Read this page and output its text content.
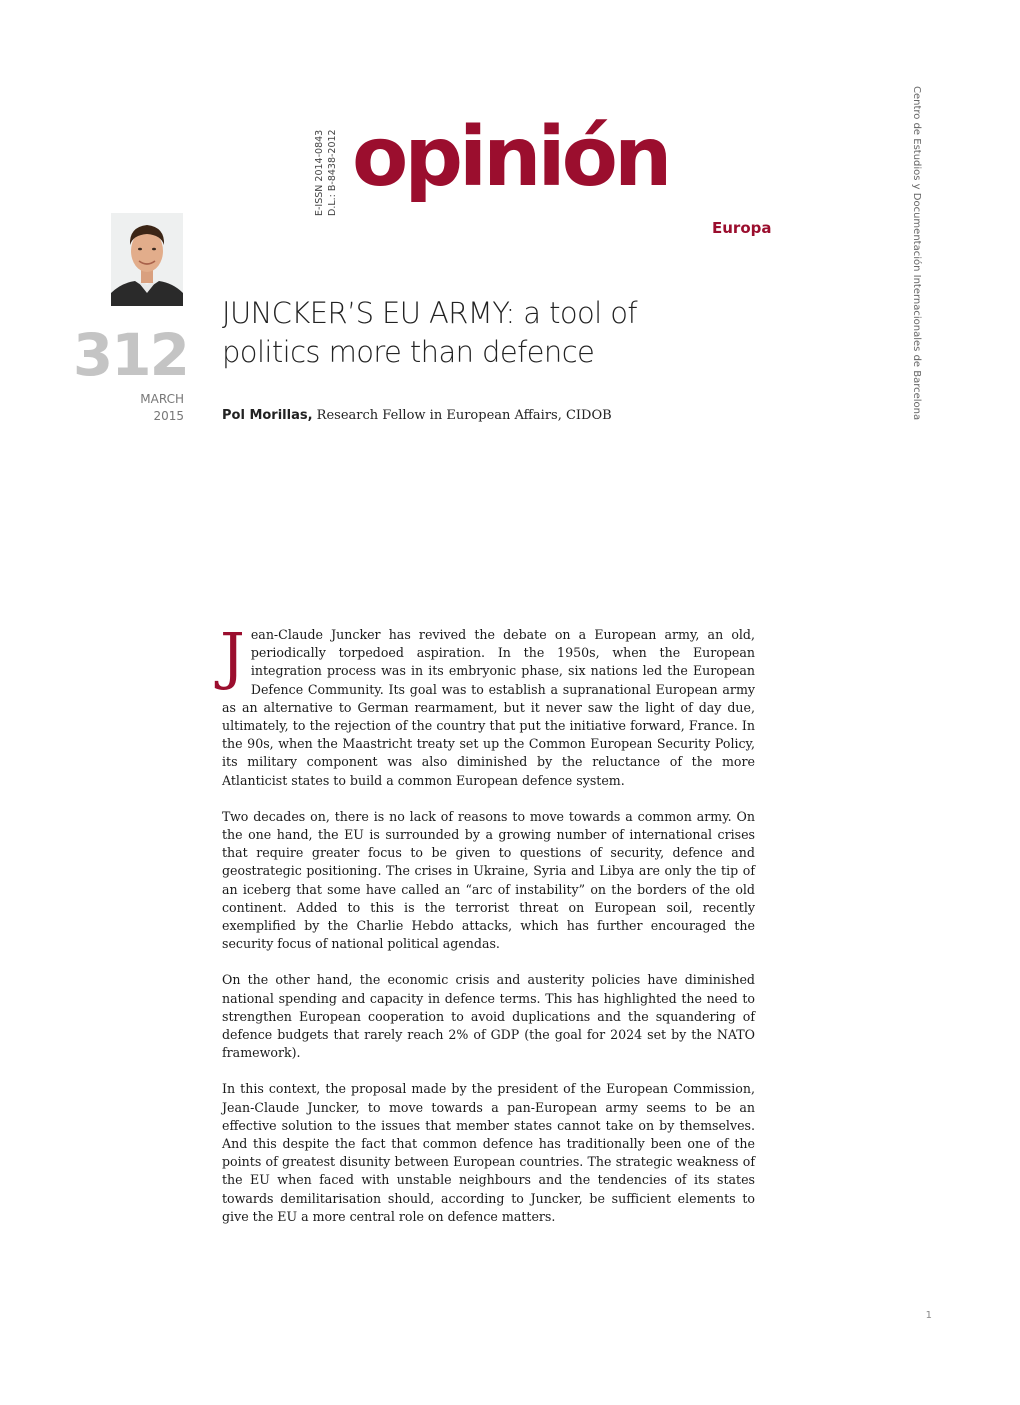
E-ISSN 2014-0843 D.L.: B-8438-2012 opinión
Europa	Centro de Estudios y Documentación Internacionales de Barcelona
312
MARCH
2015
JUNCKER’S EU ARMY: a tool of
politics more than defence
Pol Morillas, Research Fellow in European Affairs, CIDOB

Jean-Claude Juncker has revived the debate on a European army, an old, periodically torpedoed aspiration. In the 1950s, when the European integration process was in its embryonic phase, six nations led the European Defence Community. Its goal was to establish a supranational European army as an alternative to German rearmament, but it never saw the light of day due, ultimately, to the rejection of the country that put the initiative forward, France. In the 90s, when the Maastricht treaty set up the Common European Security Policy, its military component was also diminished by the reluctance of the more Atlanticist states to build a common European defence system.

Two decades on, there is no lack of reasons to move towards a common army. On the one hand, the EU is surrounded by a growing number of international crises that require greater focus to be given to questions of security, defence and geostrategic positioning. The crises in Ukraine, Syria and Libya are only the tip of an iceberg that some have called an “arc of instability” on the borders of the old continent. Added to this is the terrorist threat on European soil, recently exemplified by the Charlie Hebdo attacks, which has further encouraged the security focus of national political agendas.

On the other hand, the economic crisis and austerity policies have diminished national spending and capacity in defence terms. This has highlighted the need to strengthen European cooperation to avoid duplications and the squandering of defence budgets that rarely reach 2% of GDP (the goal for 2024 set by the NATO framework).

In this context, the proposal made by the president of the European Commission, Jean-Claude Juncker, to move towards a pan-European army seems to be an effective solution to the issues that member states cannot take on by themselves. And this despite the fact that common defence has traditionally been one of the points of greatest disunity between European countries. The strategic weakness of the EU when faced with unstable neighbours and the tendencies of its states towards demilitarisation should, according to Juncker, be sufficient elements to give the EU a more central role on defence matters.

1
